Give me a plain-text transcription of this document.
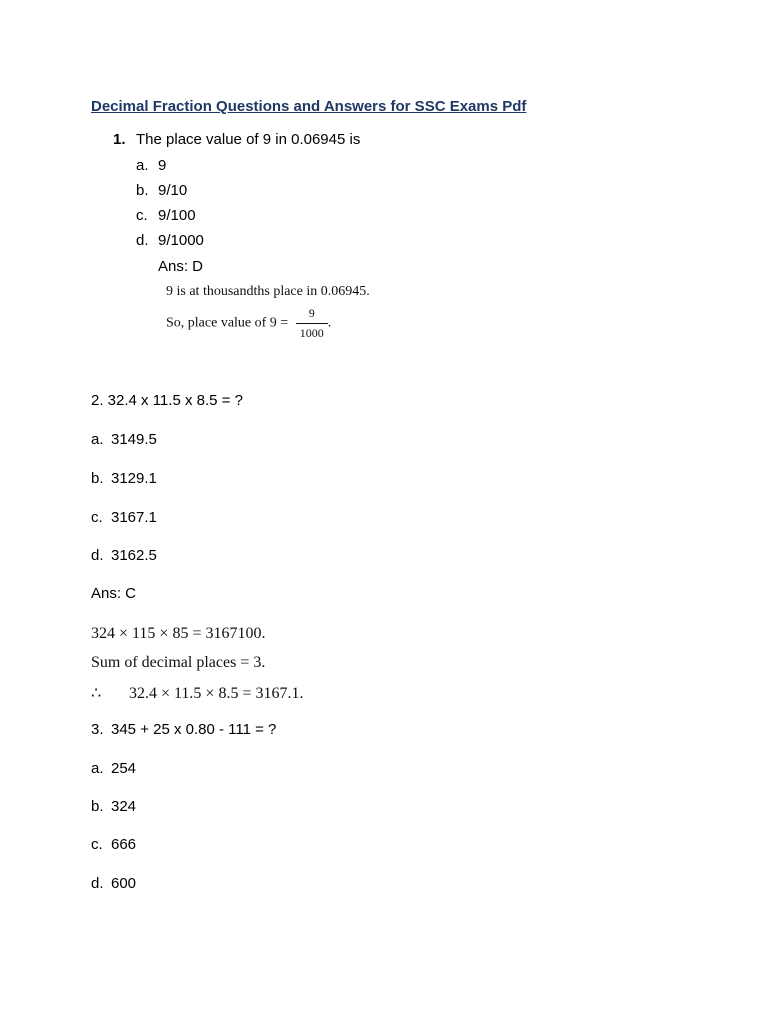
Decimal Fraction Questions and Answers for SSC Exams Pdf
1. The place value of 9 in 0.06945 is
a. 9
b. 9/10
c. 9/100
d. 9/1000
Ans: D
9 is at thousandths place in 0.06945.
So, place value of $9 = \frac{9}{1000}$ .
2. 32.4 x 11.5 x 8.5 = ?
a. 3149.5
b. 3129.1
c. 3167.1
d. 3162.5
Ans: C
324 × 115 × 85 = 3167100.
Sum of decimal places = 3.
∴ 32.4 × 11.5 × 8.5 = 3167.1.
3. 345 + 25 x 0.80 - 111 = ?
a. 254
b. 324
c. 666
d. 600
